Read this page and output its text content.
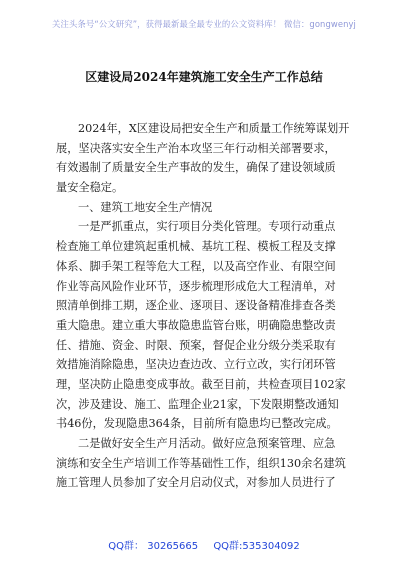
关注头条号“公文研究”，获得最新最全最专业的公文资料库！ 微信：gongwenyj
区建设局2024年建筑施工安全生产工作总结
2024年，X区建设局把安全生产和质量工作统筹谋划开
展，坚决落实安全生产治本攻坚三年行动相关部署要求，
有效遏制了质量安全生产事故的发生，确保了建设领域质
量安全稳定。
一、建筑工地安全生产情况
一是严抓重点，实行项目分类化管理。专项行动重点
检查施工单位建筑起重机械、基坑工程、模板工程及支撑
体系、脚手架工程等危大工程，以及高空作业、有限空间
作业等高风险作业环节，逐步梳理形成危大工程清单，对
照清单倒排工期，逐企业、逐项目、逐设备精准排查各类
重大隐患。建立重大事故隐患监管台账，明确隐患整改责
任、措施、资金、时限、预案，督促企业分级分类采取有
效措施消除隐患，坚决边查边改、立行立改，实行闭环管
理，坚决防止隐患变成事故。截至目前，共检查项目102家
次，涉及建设、施工、监理企业21家，下发限期整改通知
书46份，发现隐患364条，目前所有隐患均已整改完成。
二是做好安全生产月活动。做好应急预案管理、应急
演练和安全生产培训工作等基础性工作，组织130余名建筑
施工管理人员参加了安全月启动仪式，对参加人员进行了
QQ群： 30265665 QQ群:535304092
